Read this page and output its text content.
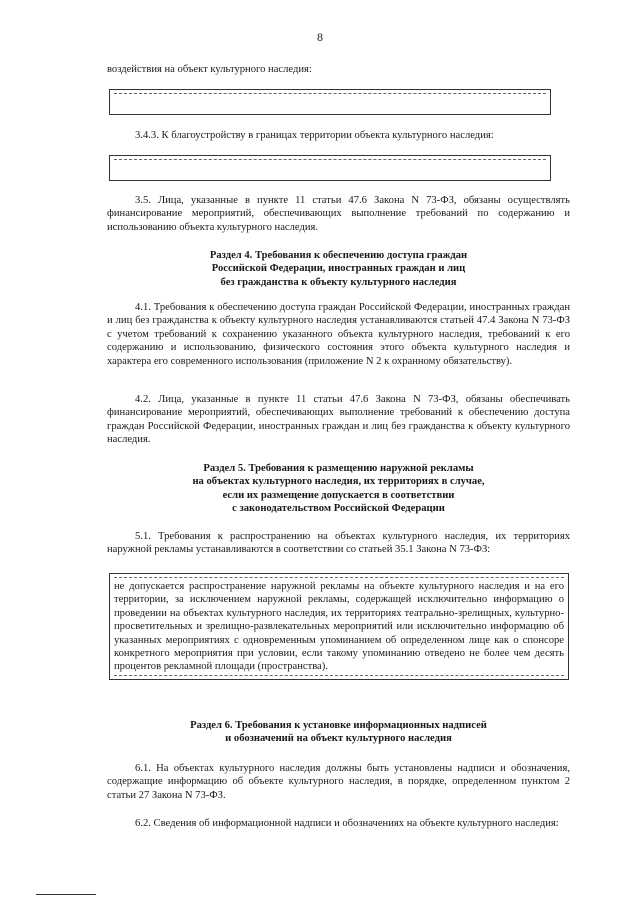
8

воздействия на объект культурного наследия:

3.4.3. К благоустройству в границах территории объекта культурного наследия:

3.5. Лица, указанные в пункте 11 статьи 47.6 Закона N 73-ФЗ, обязаны осуществлять финансирование мероприятий, обеспечивающих выполнение требований по содержанию и использованию объекта культурного наследия.

Раздел 4. Требования к обеспечению доступа граждан
Российской Федерации, иностранных граждан и лиц
без гражданства к объекту культурного наследия

4.1. Требования к обеспечению доступа граждан Российской Федерации, иностранных граждан и лиц без гражданства к объекту культурного наследия устанавливаются статьей 47.4 Закона N 73-ФЗ с учетом требований к сохранению указанного объекта культурного наследия, требований к его содержанию и использованию, физического состояния этого объекта культурного наследия и характера его современного использования (приложение N 2 к охранному обязательству).

4.2. Лица, указанные в пункте 11 статьи 47.6 Закона N 73-ФЗ, обязаны обеспечивать финансирование мероприятий, обеспечивающих выполнение требований к обеспечению доступа граждан Российской Федерации, иностранных граждан и лиц без гражданства к объекту культурного наследия.

Раздел 5. Требования к размещению наружной рекламы
на объектах культурного наследия, их территориях в случае,
если их размещение допускается в соответствии
с законодательством Российской Федерации

5.1. Требования к распространению на объектах культурного наследия, их территориях наружной рекламы устанавливаются в соответствии со статьей 35.1 Закона N 73-ФЗ:

не допускается распространение наружной рекламы на объекте культурного наследия и на его территории, за исключением наружной рекламы, содержащей исключительно информацию о проведении на объектах культурного наследия, их территориях театрально-зрелищных, культурно-просветительных и зрелищно-развлекательных мероприятий или исключительно информацию об указанных мероприятиях с одновременным упоминанием об определенном лице как о спонсоре конкретного мероприятия при условии, если такому упоминанию отведено не более чем десять процентов рекламной площади (пространства).
Раздел 6. Требования к установке информационных надписей
и обозначений на объект культурного наследия

6.1. На объектах культурного наследия должны быть установлены надписи и обозначения, содержащие информацию об объекте культурного наследия, в порядке, определенном пунктом 2 статьи 27 Закона N 73-ФЗ.

6.2. Сведения об информационной надписи и обозначениях на объекте культурного наследия:
